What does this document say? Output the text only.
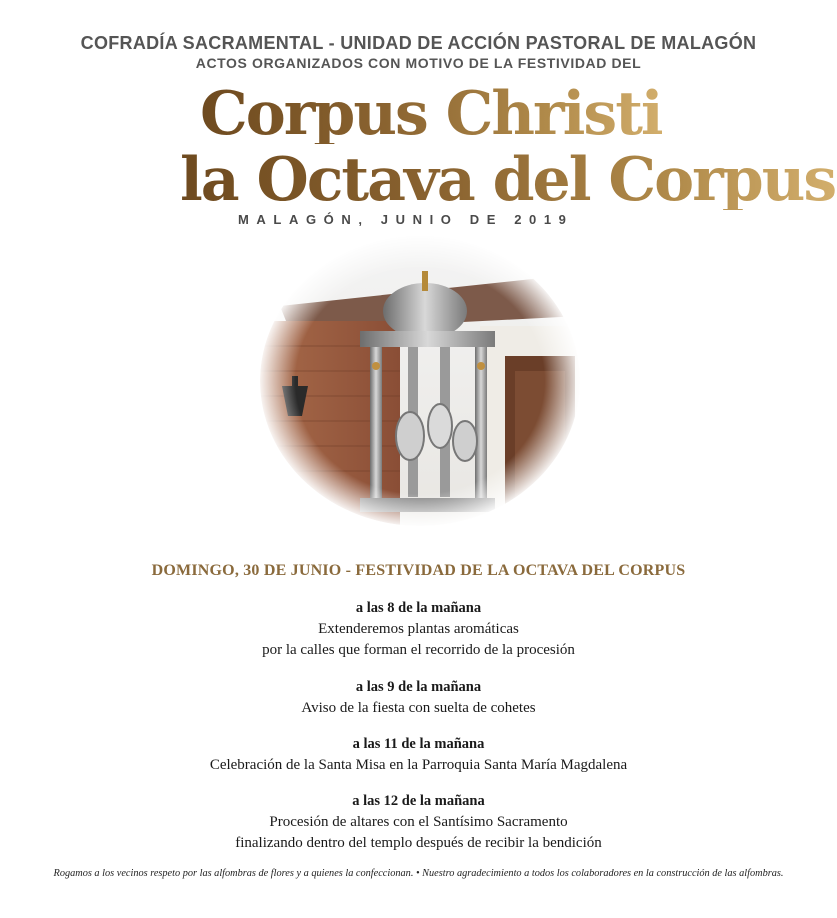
COFRADÍA SACRAMENTAL - UNIDAD DE ACCIÓN PASTORAL DE MALAGÓN
ACTOS ORGANIZADOS CON MOTIVO DE LA FESTIVIDAD DEL
Corpus Christi
la Octava del Corpus
MALAGÓN, JUNIO DE 2019
DOMINGO, 30 DE JUNIO - FESTIVIDAD DE LA OCTAVA DEL CORPUS
a las 8 de la mañana
Extenderemos plantas aromáticas
por la calles que forman el recorrido de la procesión
a las 9 de la mañana
Aviso de la fiesta con suelta de cohetes
a las 11 de la mañana
Celebración de la Santa Misa en la Parroquia Santa María Magdalena
a las 12 de la mañana
Procesión de altares con el Santísimo Sacramento
finalizando dentro del templo después de recibir la bendición
Rogamos a los vecinos respeto por las alfombras de flores y a quienes la confeccionan. • Nuestro agradecimiento a todos los colaboradores en la construcción de las alfombras.
